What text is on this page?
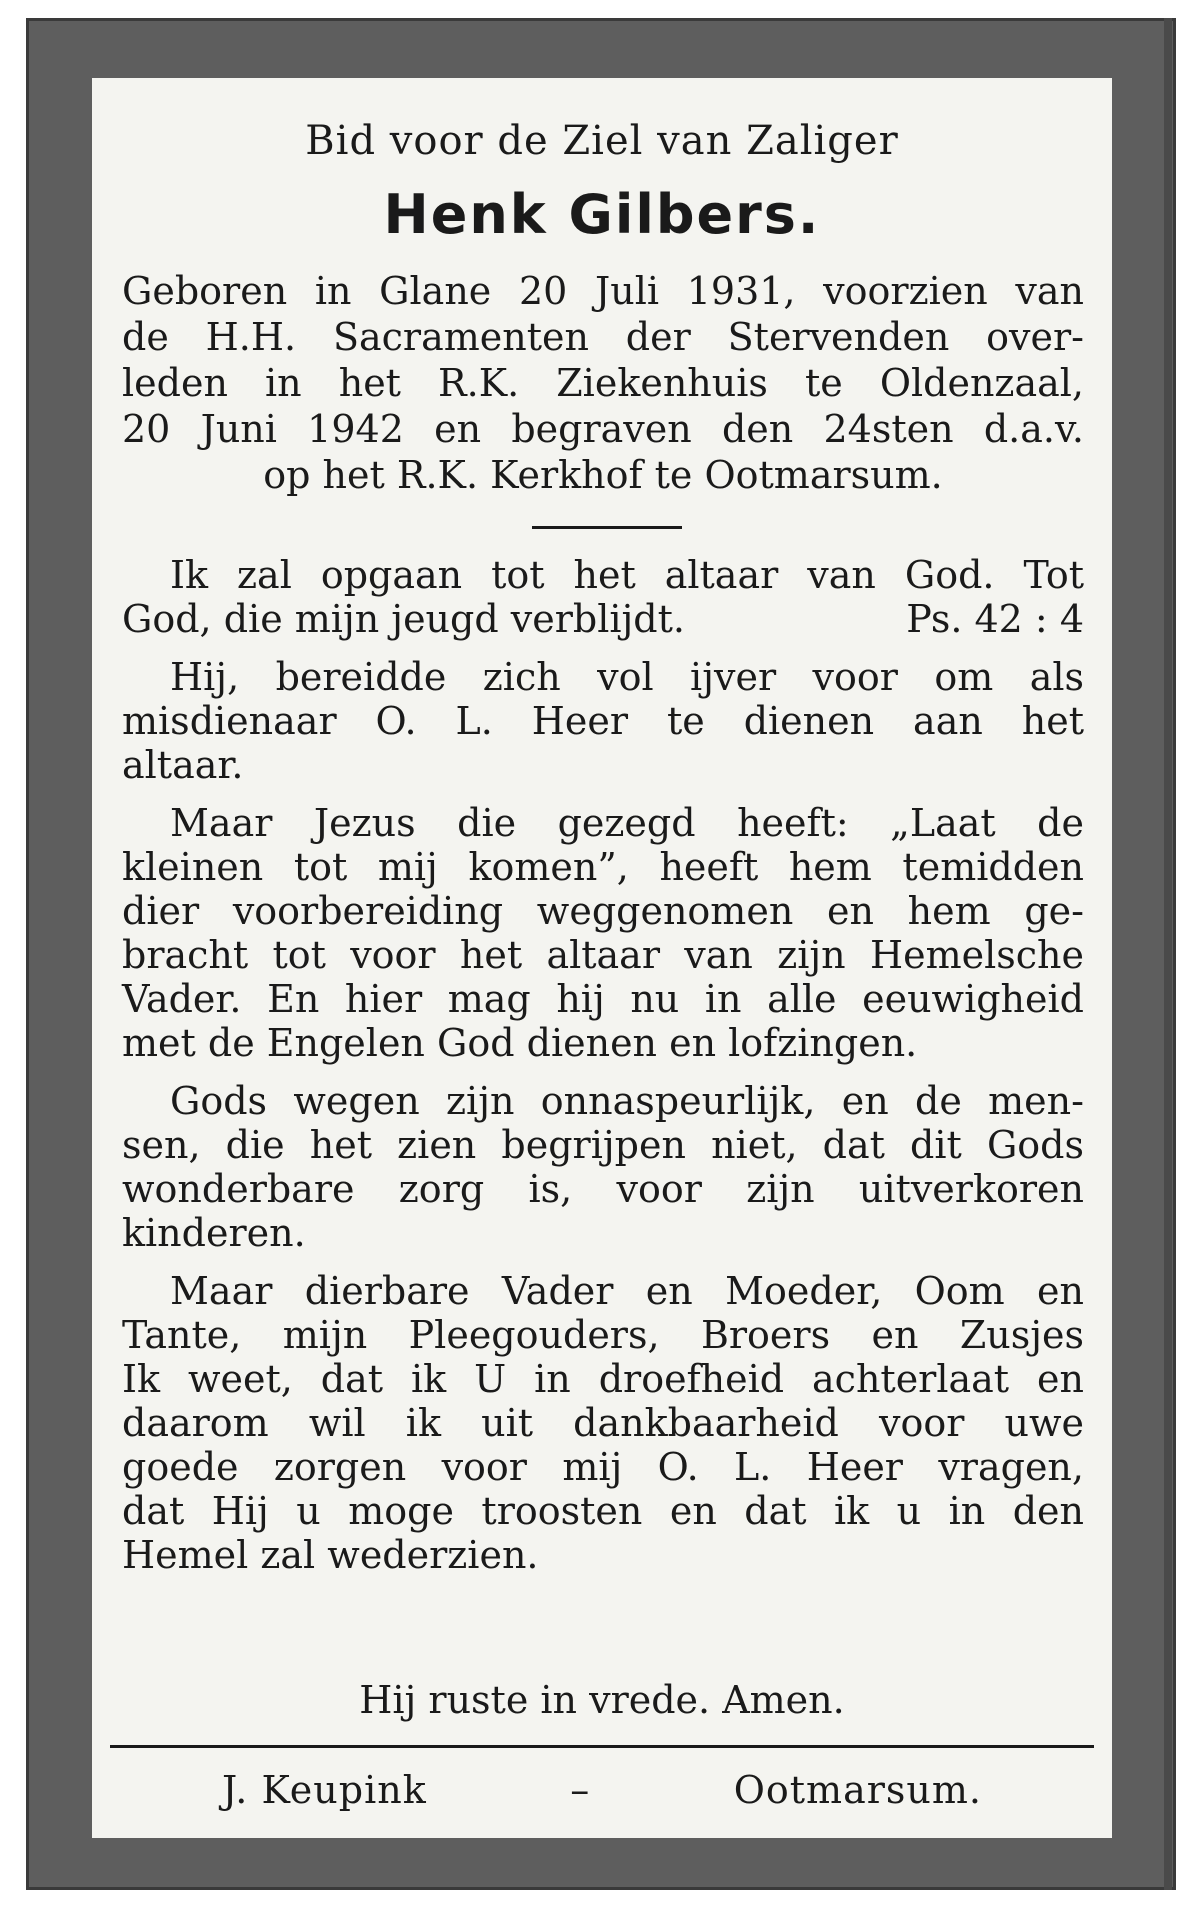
Bid voor de Ziel van Zaliger
Henk Gilbers.
Geboren in Glane 20 Juli 1931, voorzien van
de H.H. Sacramenten der Stervenden over-
leden in het R.K. Ziekenhuis te Oldenzaal,
20 Juni 1942 en begraven den 24sten d.a.v.
op het R.K. Kerkhof te Ootmarsum.
Ik zal opgaan tot het altaar van God. Tot
God, die mijn jeugd verblijdt.	Ps. 42 : 4
Hij, bereidde zich vol ijver voor om als
misdienaar O. L. Heer te dienen aan het
altaar.
Maar Jezus die gezegd heeft: „Laat de
kleinen tot mij komen”, heeft hem temidden
dier voorbereiding weggenomen en hem ge-
bracht tot voor het altaar van zijn Hemelsche
Vader. En hier mag hij nu in alle eeuwigheid
met de Engelen God dienen en lofzingen.
Gods wegen zijn onnaspeurlijk, en de men-
sen, die het zien begrijpen niet, dat dit Gods
wonderbare zorg is, voor zijn uitverkoren
kinderen.
Maar dierbare Vader en Moeder, Oom en
Tante, mijn Pleegouders, Broers en Zusjes
Ik weet, dat ik U in droefheid achterlaat en
daarom wil ik uit dankbaarheid voor uwe
goede zorgen voor mij O. L. Heer vragen,
dat Hij u moge troosten en dat ik u in den
Hemel zal wederzien.
Hij ruste in vrede. Amen.
J. Keupink	–	Ootmarsum.
